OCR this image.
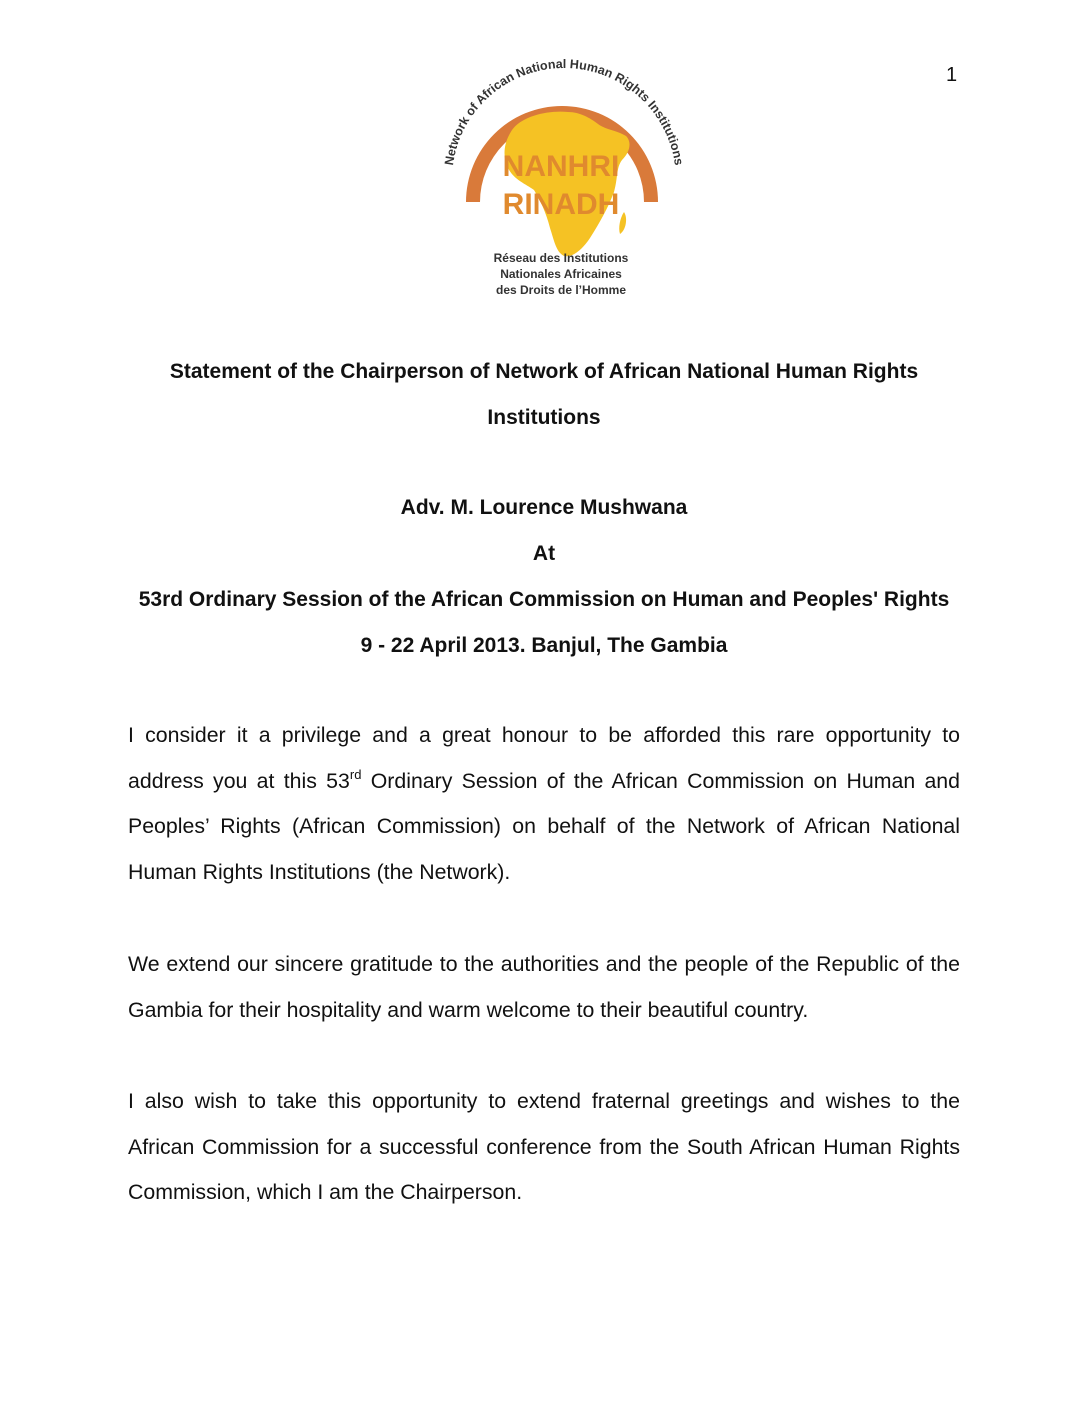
1
Network of African National Human Rights Institutions
NANHRI
RINADH
Réseau des Institutions
Nationales Africaines
des Droits de l’Homme
Statement of the Chairperson of Network of African National Human Rights
Institutions
Adv. M. Lourence Mushwana
At
53rd Ordinary Session of the African Commission on Human and Peoples' Rights
9 - 22 April 2013. Banjul, The Gambia
I consider it a privilege and a great honour to be afforded this rare opportunity to address you at this 53rd Ordinary Session of the African Commission on Human and Peoples’ Rights (African Commission) on behalf of the Network of African National Human Rights Institutions (the Network).
We extend our sincere gratitude to the authorities and the people of the Republic of the Gambia for their hospitality and warm welcome to their beautiful country.
I also wish to take this opportunity to extend fraternal greetings and wishes to the African Commission for a successful conference from the South African Human Rights Commission, which I am the Chairperson.
